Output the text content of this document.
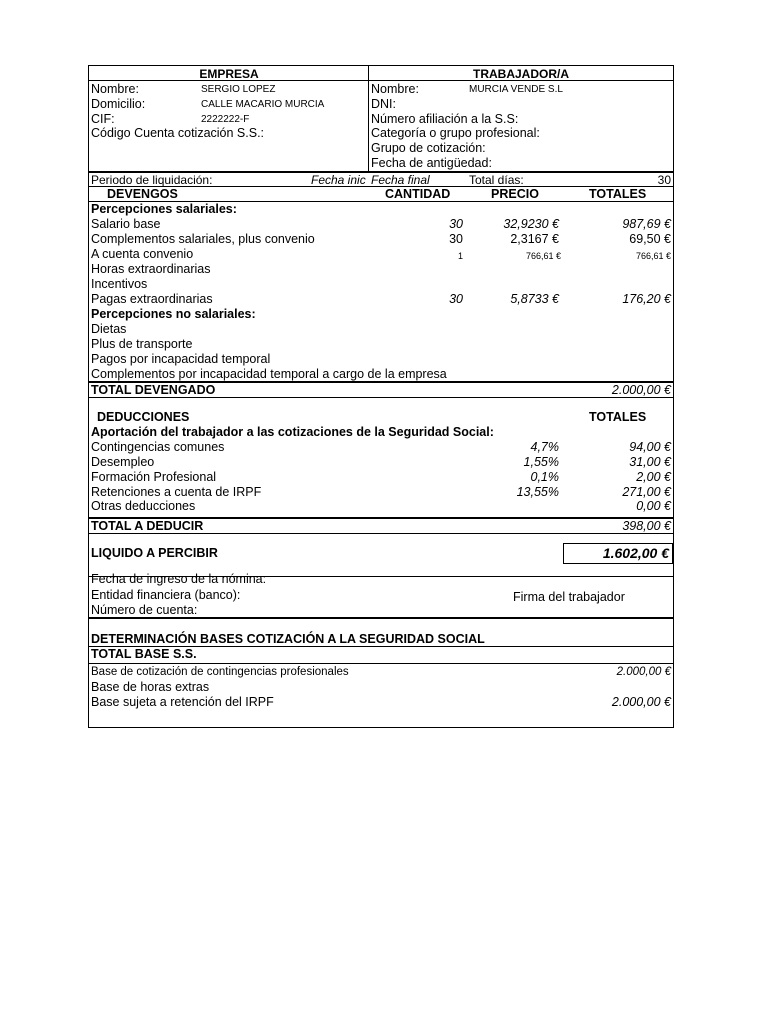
EMPRESA	TRABAJADOR/A
Nombre:	SERGIO LOPEZ
Domicilio:	CALLE MACARIO MURCIA
CIF:	2222222-F
Código Cuenta cotización S.S.:
Nombre:	MURCIA VENDE S.L
DNI:
Número afiliación a la S.S:
Categoría o grupo profesional:
Grupo de cotización:
Fecha de antigüedad:
Periodo de liquidación:	Fecha inic Fecha final	Total días:	30
DEVENGOS	CANTIDAD	PRECIO	TOTALES
Percepciones salariales:
Salario base	30	32,9230 €	987,69 €
Complementos salariales, plus convenio	30	2,3167 €	69,50 €
A cuenta convenio	1	766,61 €	766,61 €
Horas extraordinarias
Incentivos
Pagas extraordinarias	30	5,8733 €	176,20 €
Percepciones no salariales:
Dietas
Plus de transporte
Pagos por incapacidad temporal
Complementos por incapacidad temporal a cargo de la empresa
TOTAL DEVENGADO	2.000,00 €
DEDUCCIONES	TOTALES
Aportación del trabajador a las cotizaciones de la Seguridad Social:
Contingencias comunes	4,7%	94,00 €
Desempleo	1,55%	31,00 €
Formación Profesional	0,1%	2,00 €
Retenciones a cuenta de IRPF	13,55%	271,00 €
Otras deducciones	0,00 €
TOTAL A DEDUCIR	398,00 €
LIQUIDO A PERCIBIR	1.602,00 €
Fecha de ingreso de la nómina:
Entidad financiera (banco):
Número de cuenta:
Firma del trabajador
DETERMINACIÓN BASES COTIZACIÓN A LA SEGURIDAD SOCIAL
TOTAL BASE S.S.
Base de cotización de contingencias profesionales	2.000,00 €
Base de horas extras
Base sujeta a retención del IRPF	2.000,00 €
